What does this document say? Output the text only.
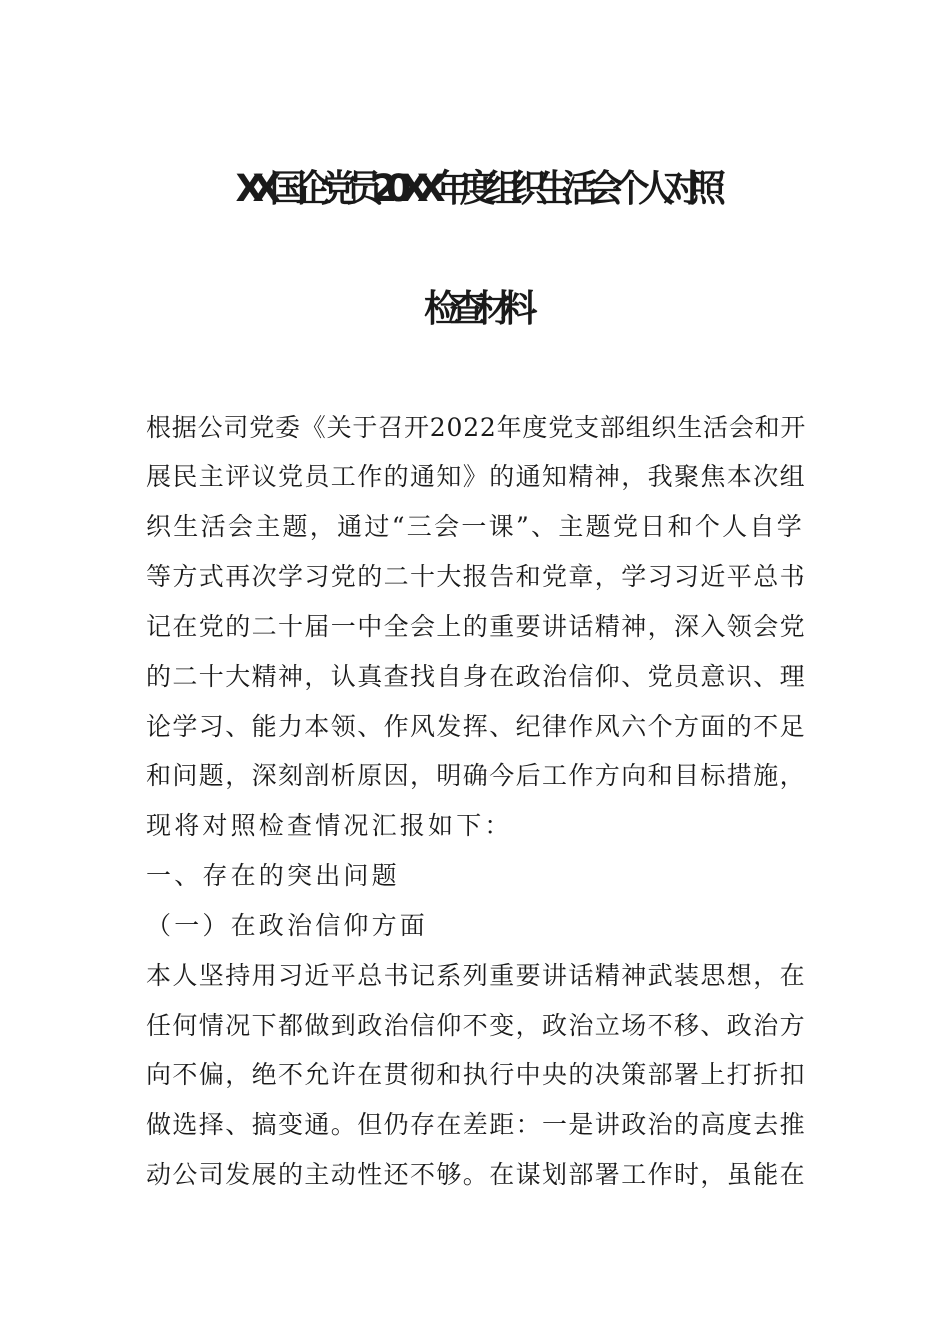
XX国企党员20XX年度组织生活会个人对照
检查材料
根据公司党委《关于召开2022年度党支部组织生活会和开
展民主评议党员工作的通知》的通知精神，我聚焦本次组
织生活会主题，通过“三会一课”、主题党日和个人自学
等方式再次学习党的二十大报告和党章，学习习近平总书
记在党的二十届一中全会上的重要讲话精神，深入领会党
的二十大精神，认真查找自身在政治信仰、党员意识、理
论学习、能力本领、作风发挥、纪律作风六个方面的不足
和问题，深刻剖析原因，明确今后工作方向和目标措施，
现将对照检查情况汇报如下：
一、存在的突出问题
（一）在政治信仰方面
本人坚持用习近平总书记系列重要讲话精神武装思想，在
任何情况下都做到政治信仰不变，政治立场不移、政治方
向不偏，绝不允许在贯彻和执行中央的决策部署上打折扣
做选择、搞变通。但仍存在差距：一是讲政治的高度去推
动公司发展的主动性还不够。在谋划部署工作时，虽能在
